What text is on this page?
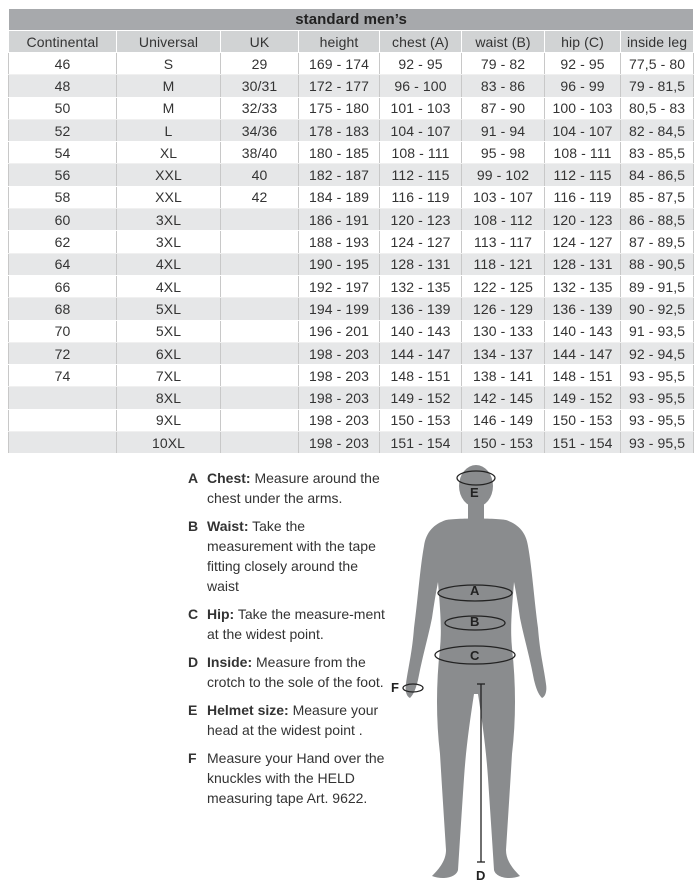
standard men’s							
Continental	Universal	UK	height	chest (A)	waist (B)	hip (C)	inside leg
46	S	29	169 - 174	92 - 95	79 - 82	92 - 95	77,5 - 80
48	M	30/31	172 - 177	96 - 100	83 - 86	96 - 99	79 - 81,5
50	M	32/33	175 - 180	101 - 103	87 - 90	100 - 103	80,5 - 83
52	L	34/36	178 - 183	104 - 107	91 - 94	104 - 107	82 - 84,5
54	XL	38/40	180 - 185	108 - 111	95 - 98	108 - 111	83 - 85,5
56	XXL	40	182 - 187	112 - 115	99 - 102	112 - 115	84 - 86,5
58	XXL	42	184 - 189	116 - 119	103 - 107	116 - 119	85 - 87,5
60	3XL		186 - 191	120 - 123	108 - 112	120 - 123	86 - 88,5
62	3XL		188 - 193	124 - 127	113 - 117	124 - 127	87 - 89,5
64	4XL		190 - 195	128 - 131	118 - 121	128 - 131	88 - 90,5
66	4XL		192 - 197	132 - 135	122 - 125	132 - 135	89 - 91,5
68	5XL		194 - 199	136 - 139	126 - 129	136 - 139	90 - 92,5
70	5XL		196 - 201	140 - 143	130 - 133	140 - 143	91 - 93,5
72	6XL		198 - 203	144 - 147	134 - 137	144 - 147	92 - 94,5
74	7XL		198 - 203	148 - 151	138 - 141	148 - 151	93 - 95,5
	8XL		198 - 203	149 - 152	142 - 145	149 - 152	93 - 95,5
	9XL		198 - 203	150 - 153	146 - 149	150 - 153	93 - 95,5
	10XL		198 - 203	151 - 154	150 - 153	151 - 154	93 - 95,5
A Chest: Measure around the chest under the arms.
B Waist: Take the measurement with the tape fitting closely around the waist
C Hip: Take the measure-ment at the widest point.
D Inside: Measure from the crotch to the sole of the foot.
E Helmet size: Measure your head at the widest point .
F Measure your Hand over the knuckles with the HELD measuring tape Art. 9622.
E
A
B
C
D
F
